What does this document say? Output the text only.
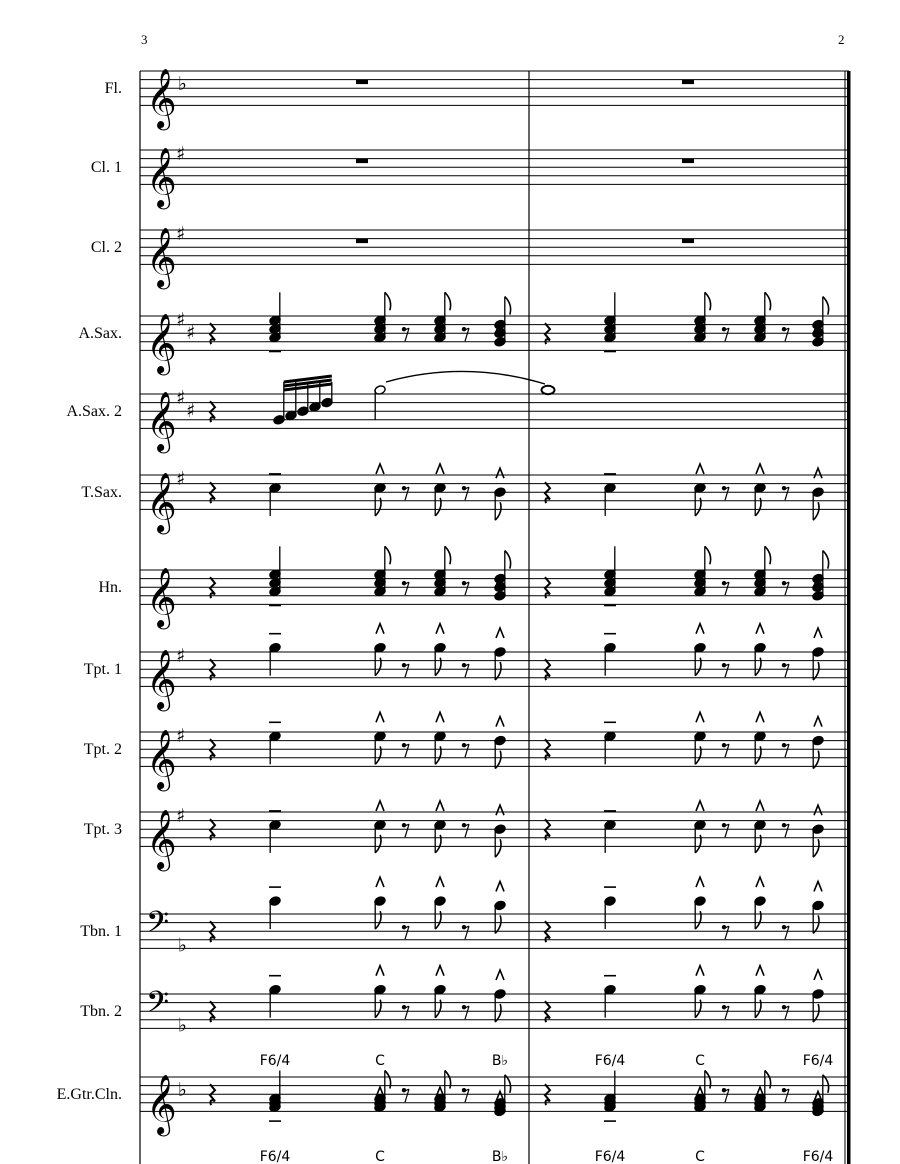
3	2
Fl. 𝄞 ♭
Cl. 1 𝄞 ♯
Cl. 2 𝄞 ♯
A.Sax. 𝄞 ♯
♯
A.Sax. 2 𝄞 ♯
♯
T.Sax. 𝄞 ♯
Hn. 𝄞
Tpt. 1 𝄞 ♯
Tpt. 2 𝄞 ♯
Tpt. 3 𝄞 ♯
Tbn. 1 𝄢 ♭
Tbn. 2 𝄢 ♭
E.Gtr.Cln. 𝄞 ♭
F6/4
F6/4
C
C
B♭
B♭
F6/4
F6/4
C
C
F6/4
F6/4
